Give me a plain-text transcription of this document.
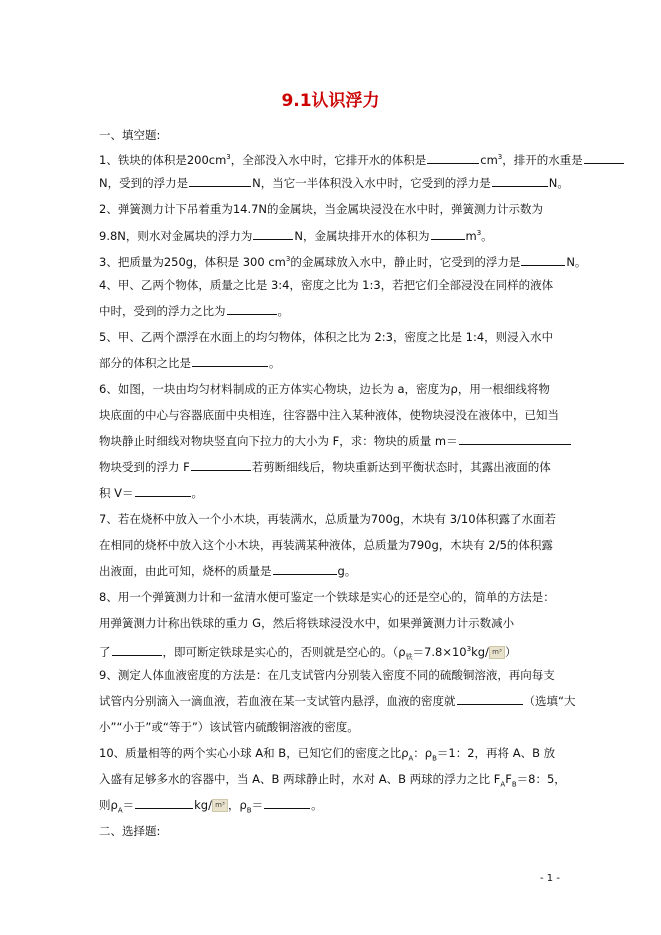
9.1认识浮力
一、填空题:
1、铁块的体积是$200cm^3$，全部没入水中时，它排开水的体积是	$cm^3$，排开的水重是
N，受到的浮力是	N，当它一半体积没入水中时，它受到的浮力是	N。
2、弹簧测力计下吊着重为14.7N的金属块，当金属块浸没在水中时，弹簧测力计示数为
9.8N，则水对金属块的浮力为	N，金属块排开水的体积为	$m^3$。
3、把质量为250g，体积是 300 $cm^3$的金属球放入水中，静止时，它受到的浮力是	N。
4、甲、乙两个物体，质量之比是 3:4，密度之比为 1:3，若把它们全部浸没在同样的液体
中时，受到的浮力之比为	。
5、甲、乙两个漂浮在水面上的均匀物体，体积之比为 2:3，密度之比是 1:4，则浸入水中
部分的体积之比是	。
6、如图，一块由均匀材料制成的正方体实心物块，边长为 a，密度为ρ，用一根细线将物
块底面的中心与容器底面中央相连，往容器中注入某种液体，使物块浸没在液体中，已知当
物块静止时细线对物块竖直向下拉力的大小为 F，求：物块的质量 m＝
物块受到的浮力 F	若剪断细线后，物块重新达到平衡状态时，其露出液面的体
积 V＝	。
7、若在烧杯中放入一个小木块，再装满水，总质量为700g，木块有 3/10体积露了水面若
在相同的烧杯中放入这个小木块，再装满某种液体，总质量为790g，木块有 2/5的体积露
出液面，由此可知，烧杯的质量是	g。
8、用一个弹簧测力计和一盆清水便可鉴定一个铁球是实心的还是空心的，简单的方法是：
用弹簧测力计称出铁球的重力 G，然后将铁球浸没水中，如果弹簧测力计示数减小
了	，即可断定铁球是实心的，否则就是空心的。（$\rho_铁=7.8\times 10^3kg/$ m³ ）
9、测定人体血液密度的方法是：在几支试管内分别装入密度不同的硫酸铜溶液，再向每支
试管内分别滴入一滴血液，若血液在某一支试管内悬浮，血液的密度就	（选填“大
小”“小于”或“等于”）该试管内硫酸铜溶液的密度。
10、质量相等的两个实心小球 A和 B，已知它们的密度之比$\rho_A$：$\rho_B=1$：2，再将 A、B 放
入盛有足够多水的容器中，当 A、B 两球静止时，水对 A、B 两球的浮力之比 $F_AF_B=8$：5，
则$\rho_A=$	kg/ m³ ，$\rho_B=$	。
二、选择题:
- 1 -
